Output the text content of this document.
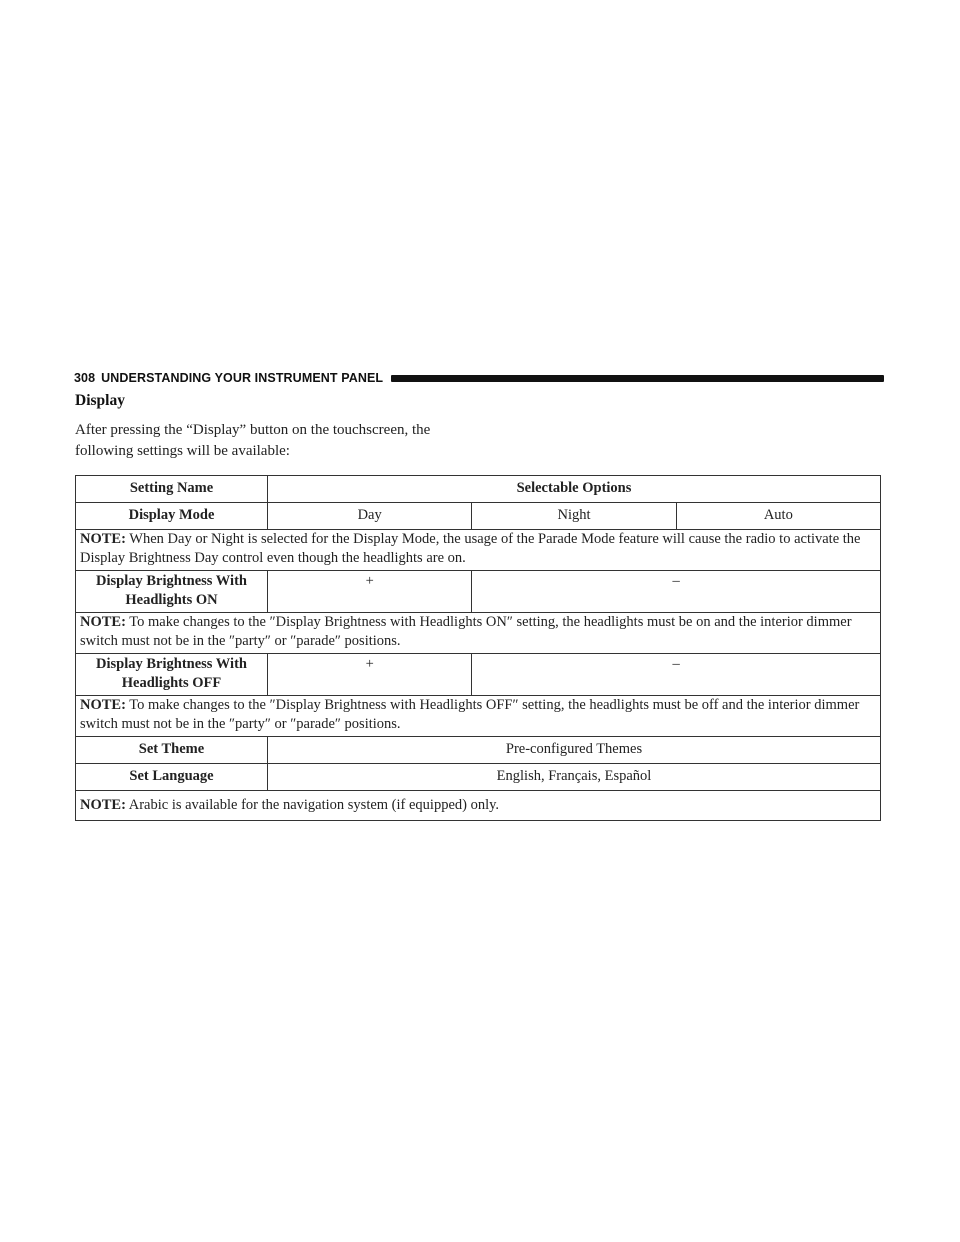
308 UNDERSTANDING YOUR INSTRUMENT PANEL
Display
After pressing the “Display” button on the touchscreen, the following settings will be available:
Setting Name	Selectable Options		
Display Mode	Day	Night	Auto
NOTE: When Day or Night is selected for the Display Mode, the usage of the Parade Mode feature will cause the radio to activate the Display Brightness Day control even though the headlights are on.			
Display Brightness With Headlights ON	+	–	
NOTE: To make changes to the ″Display Brightness with Headlights ON″ setting, the headlights must be on and the interior dimmer switch must not be in the ″party″ or ″parade″ positions.			
Display Brightness With Headlights OFF	+	–	
NOTE: To make changes to the ″Display Brightness with Headlights OFF″ setting, the headlights must be off and the interior dimmer switch must not be in the ″party″ or ″parade″ positions.			
Set Theme	Pre-configured Themes		
Set Language	English, Français, Español		
NOTE: Arabic is available for the navigation system (if equipped) only.			
